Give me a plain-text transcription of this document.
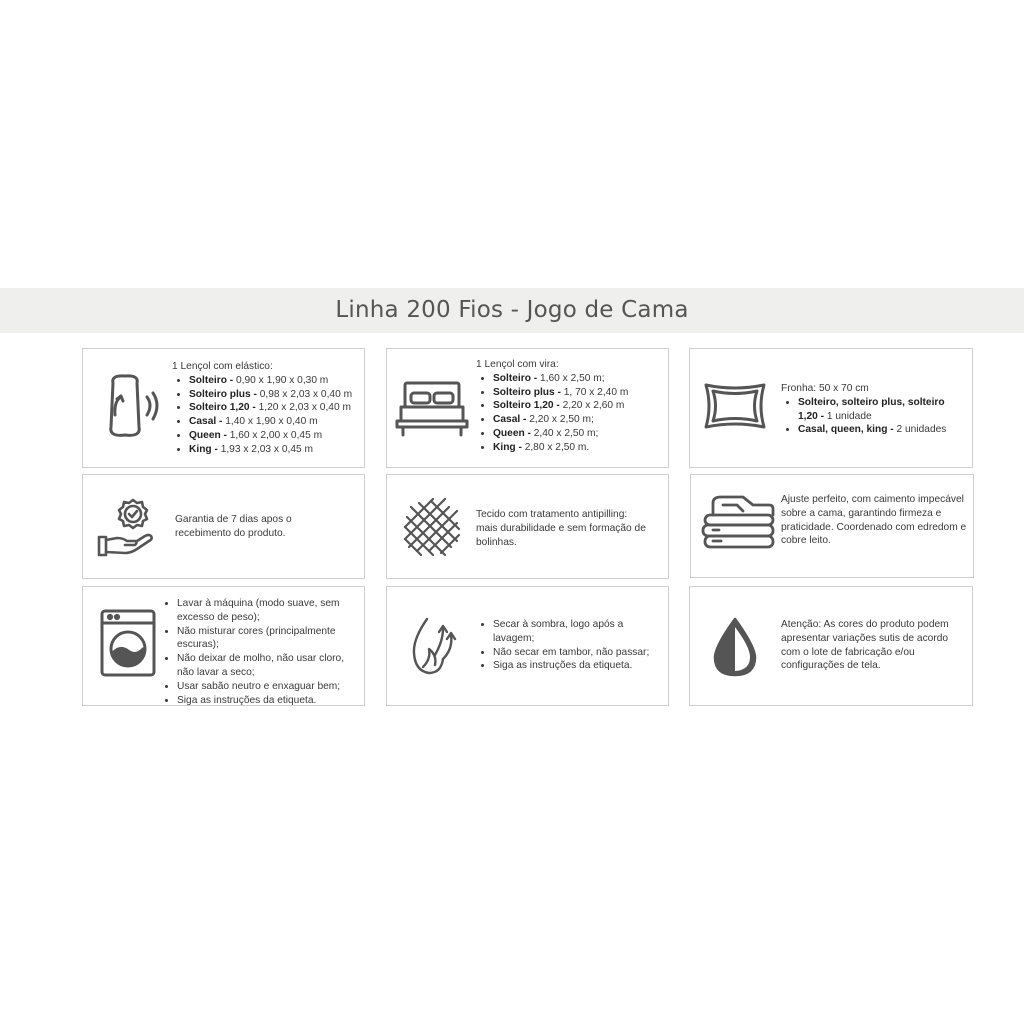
Linha 200 Fios - Jogo de Cama

1 Lençol com elástico:

• Solteiro - 0,90 x 1,90 x 0,30 m
• Solteiro plus - 0,98 x 2,03 x 0,40 m
• Solteiro 1,20 - 1,20 x 2,03 x 0,40 m
• Casal - 1,40 x 1,90 x 0,40 m
• Queen - 1,60 x 2,00 x 0,45 m
• King - 1,93 x 2,03 x 0,45 m

1 Lençol com vira:

• Solteiro - 1,60 x 2,50 m;
• Solteiro plus - 1, 70 x 2,40 m
• Solteiro 1,20 - 2,20 x 2,60 m
• Casal - 2,20 x 2,50 m;
• Queen - 2,40 x 2,50 m;
• King - 2,80 x 2,50 m.

Fronha: 50 x 70 cm

• Solteiro, solteiro plus, solteiro 1,20 - 1 unidade
• Casal, queen, king - 2 unidades

Garantia de 7 dias apos o recebimento do produto.

Tecido com tratamento antipilling: mais durabilidade e sem formação de bolinhas.

Ajuste perfeito, com caimento impecável sobre a cama, garantindo firmeza e praticidade. Coordenado com edredom e cobre leito.

• Lavar à máquina (modo suave, sem excesso de peso);
• Não misturar cores (principalmente escuras);
• Não deixar de molho, não usar cloro, não lavar a seco;
• Usar sabão neutro e enxaguar bem;
• Siga as instruções da etiqueta.
• Secar à sombra, logo após a lavagem;
• Não secar em tambor, não passar;
• Siga as instruções da etiqueta.

Atenção: As cores do produto podem apresentar variações sutis de acordo com o lote de fabricação e/ou configurações de tela.
